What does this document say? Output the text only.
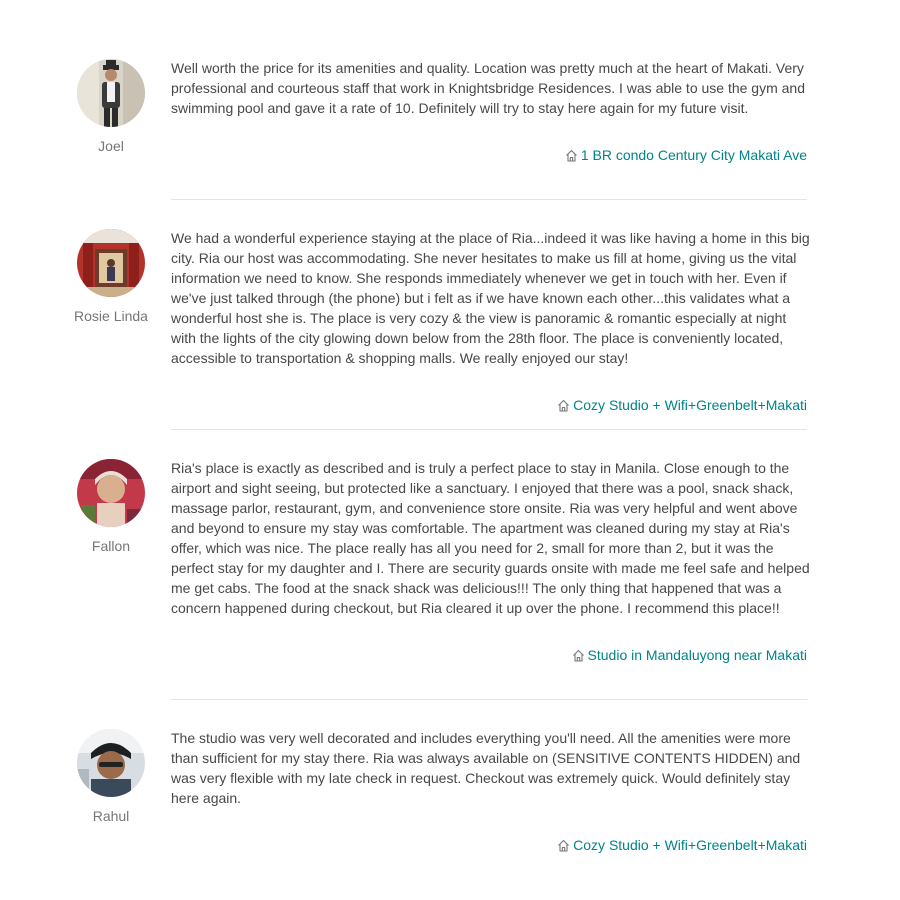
Joel

Well worth the price for its amenities and quality. Location was pretty much at the heart of Makati. Very professional and courteous staff that work in Knightsbridge Residences. I was able to use the gym and swimming pool and gave it a rate of 10. Definitely will try to stay here again for my future visit.

1 BR condo Century City Makati Ave
Rosie Linda

We had a wonderful experience staying at the place of Ria...indeed it was like having a home in this big city. Ria our host was accommodating. She never hesitates to make us fill at home, giving us the vital information we need to know. She responds immediately whenever we get in touch with her. Even if we've just talked through (the phone) but i felt as if we have known each other...this validates what a wonderful host she is. The place is very cozy & the view is panoramic & romantic especially at night with the lights of the city glowing down below from the 28th floor. The place is conveniently located, accessible to transportation & shopping malls. We really enjoyed our stay!

Cozy Studio + Wifi+Greenbelt+Makati
Fallon

Ria's place is exactly as described and is truly a perfect place to stay in Manila. Close enough to the airport and sight seeing, but protected like a sanctuary. I enjoyed that there was a pool, snack shack, massage parlor, restaurant, gym, and convenience store onsite. Ria was very helpful and went above and beyond to ensure my stay was comfortable. The apartment was cleaned during my stay at Ria's offer, which was nice. The place really has all you need for 2, small for more than 2, but it was the perfect stay for my daughter and I. There are security guards onsite with made me feel safe and helped me get cabs. The food at the snack shack was delicious!!! The only thing that happened that was a concern happened during checkout, but Ria cleared it up over the phone. I recommend this place!!

Studio in Mandaluyong near Makati
Rahul

The studio was very well decorated and includes everything you'll need. All the amenities were more than sufficient for my stay there. Ria was always available on (SENSITIVE CONTENTS HIDDEN) and was very flexible with my late check in request. Checkout was extremely quick. Would definitely stay here again.

Cozy Studio + Wifi+Greenbelt+Makati
